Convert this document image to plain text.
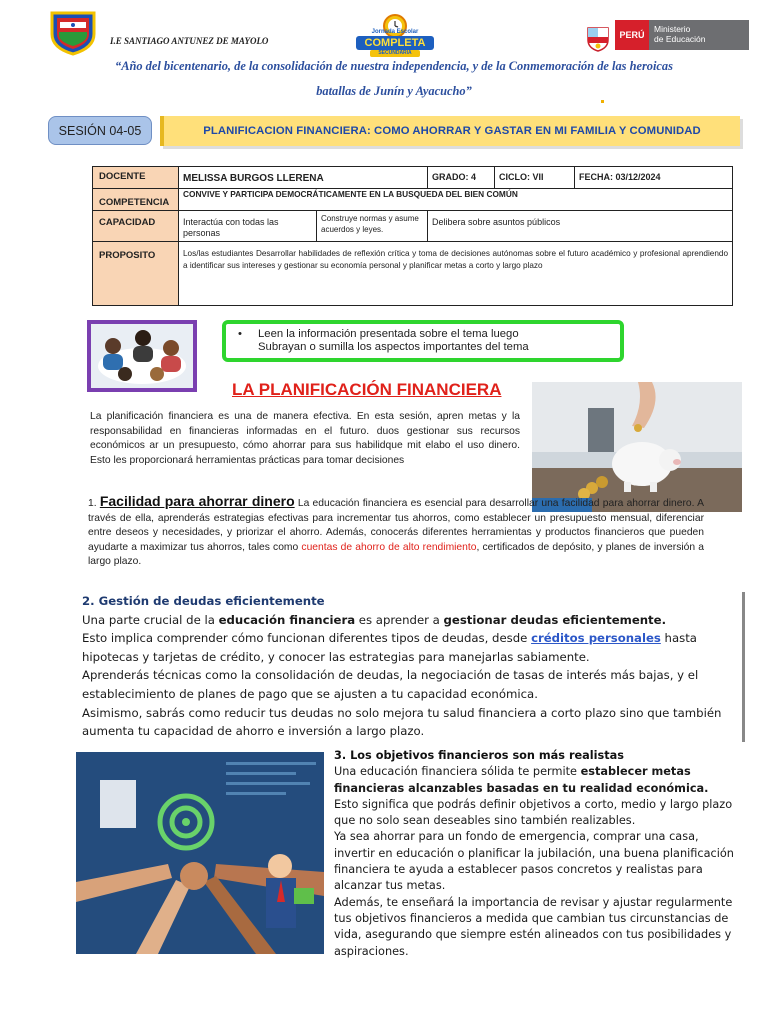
I.E SANTIAGO ANTUNEZ DE MAYOLO
Jornada Escolar
COMPLETA
SECUNDARIA
PERÚ
Ministerio
de Educación
“Año del bicentenario, de la consolidación de nuestra independencia, y de la Conmemoración de las heroicas
batallas de Junín y Ayacucho”
SESIÓN 04-05	PLANIFICACION FINANCIERA: COMO AHORRAR Y GASTAR EN MI FAMILIA Y COMUNIDAD
DOCENTE	MELISSA BURGOS LLERENA		GRADO: 4	CICLO: VII	FECHA: 03/12/2024
COMPETENCIA	CONVIVE Y PARTICIPA DEMOCRÁTICAMENTE EN LA BUSQUEDA DEL BIEN COMÚN				
CAPACIDAD	Interactúa con todas las personas	Construye normas y asume acuerdos y leyes.	Delibera sobre asuntos públicos		
PROPOSITO	Los/las estudiantes Desarrollar habilidades de reflexión crítica y toma de decisiones autónomas sobre el futuro académico y profesional aprendiendo a identificar sus intereses y gestionar su economía personal y planificar metas a corto y largo plazo				
• Leen la información presentada sobre el tema luego
Subrayan o sumilla los aspectos importantes del tema
LA PLANIFICACIÓN FINANCIERA
La planificación financiera es una de manera efectiva. En esta sesión, apren metas y la responsabilidad en financieras informadas en el futuro. duos gestionar sus recursos económicos ar un presupuesto, cómo ahorrar para sus habilidque mit elabo el uso dinero. Esto les proporcionará herramientas prácticas para tomar decisiones
1. Facilidad para ahorrar dinero La educación financiera es esencial para desarrollar una facilidad para ahorrar dinero. A través de ella, aprenderás estrategias efectivas para incrementar tus ahorros, como establecer un presupuesto mensual, diferenciar entre deseos y necesidades, y priorizar el ahorro. Además, conocerás diferentes herramientas y productos financieros que pueden ayudarte a maximizar tus ahorros, tales como cuentas de ahorro de alto rendimiento, certificados de depósito, y planes de inversión a largo plazo.
2. Gestión de deudas eficientemente
Una parte crucial de la educación financiera es aprender a gestionar deudas eficientemente.
Esto implica comprender cómo funcionan diferentes tipos de deudas, desde créditos personales hasta hipotecas y tarjetas de crédito, y conocer las estrategias para manejarlas sabiamente.
Aprenderás técnicas como la consolidación de deudas, la negociación de tasas de interés más bajas, y el establecimiento de planes de pago que se ajusten a tu capacidad económica.
Asimismo, sabrás como reducir tus deudas no solo mejora tu salud financiera a corto plazo sino que también aumenta tu capacidad de ahorro e inversión a largo plazo.
3. Los objetivos financieros son más realistas
Una educación financiera sólida te permite establecer metas financieras alcanzables basadas en tu realidad económica.
Esto significa que podrás definir objetivos a corto, medio y largo plazo que no solo sean deseables sino también realizables.
Ya sea ahorrar para un fondo de emergencia, comprar una casa, invertir en educación o planificar la jubilación, una buena planificación financiera te ayuda a establecer pasos concretos y realistas para alcanzar tus metas.
Además, te enseñará la importancia de revisar y ajustar regularmente tus objetivos financieros a medida que cambian tus circunstancias de vida, asegurando que siempre estén alineados con tus posibilidades y aspiraciones.
